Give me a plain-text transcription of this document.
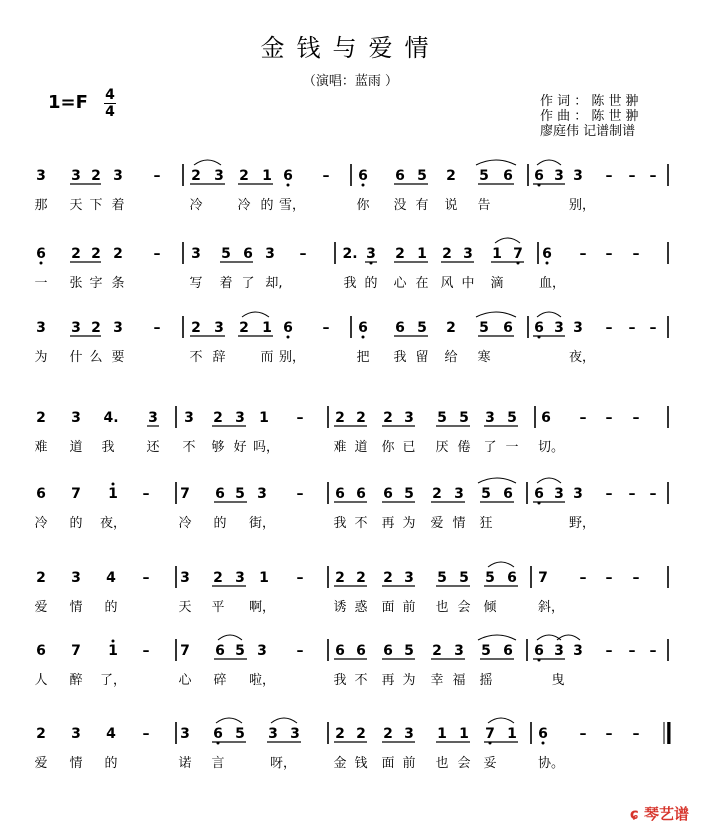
金钱与爱情
（演唱：蓝雨 ）
1=F 4
4
作 词 ： 陈 世 翀
作 曲 ： 陈 世 翀
廖庭伟 记谱制谱
3 3 2 3 – 2 3 2 1 6 – 6 6 5 2 5 6 6 3 3 – – –
那 天 下 着	冷	冷 的 雪，	你 没 有 说 告	别，
6 2 2 2 – 3 5 6 3 –	2. 3 2 1 2 3 1 7 6 – – –
一 张 字 条	写 着 了 却,	我 的 心 在 风 中 滴	血，
3 3 2 3 – 2 3 2 1 6 – 6 6 5 2 5 6 6 3 3 – – –
为 什 么 要	不 辞	而 别，	把 我 留 给 寒	夜，
2 3 4. 3 3 2 3 1 – 2 2 2 3 5 5 3 5 6 – – –
难 道 我 还 不 够 好 吗，	难 道 你 已 厌 倦 了 一 切。
6 7 1 – 7 6 5 3 – 6 6 6 5 2 3 5 6 6 3 3 – – –
冷 的 夜，	冷 的 街，	我 不 再 为 爱 情 狂	野，
2 3 4 – 3 2 3 1 – 2 2 2 3 5 5 5 6 7 – – –
爱 情 的	天 平 啊，	诱 惑 面 前 也 会 倾	斜，
6 7 1 – 7 6 5 3 – 6 6 6 5 2 3 5 6 6 3 3 – – –
人 醉 了，	心 碎 啦，	我 不 再 为 幸 福 摇	曳
2 3 4 – 3 6 5 3 3	2 2 2 3 1 1 7 1 6 – – –
爱 情 的	诺 言	呀，	金 钱 面 前 也 会 妥	协。
ɕ 琴艺谱
